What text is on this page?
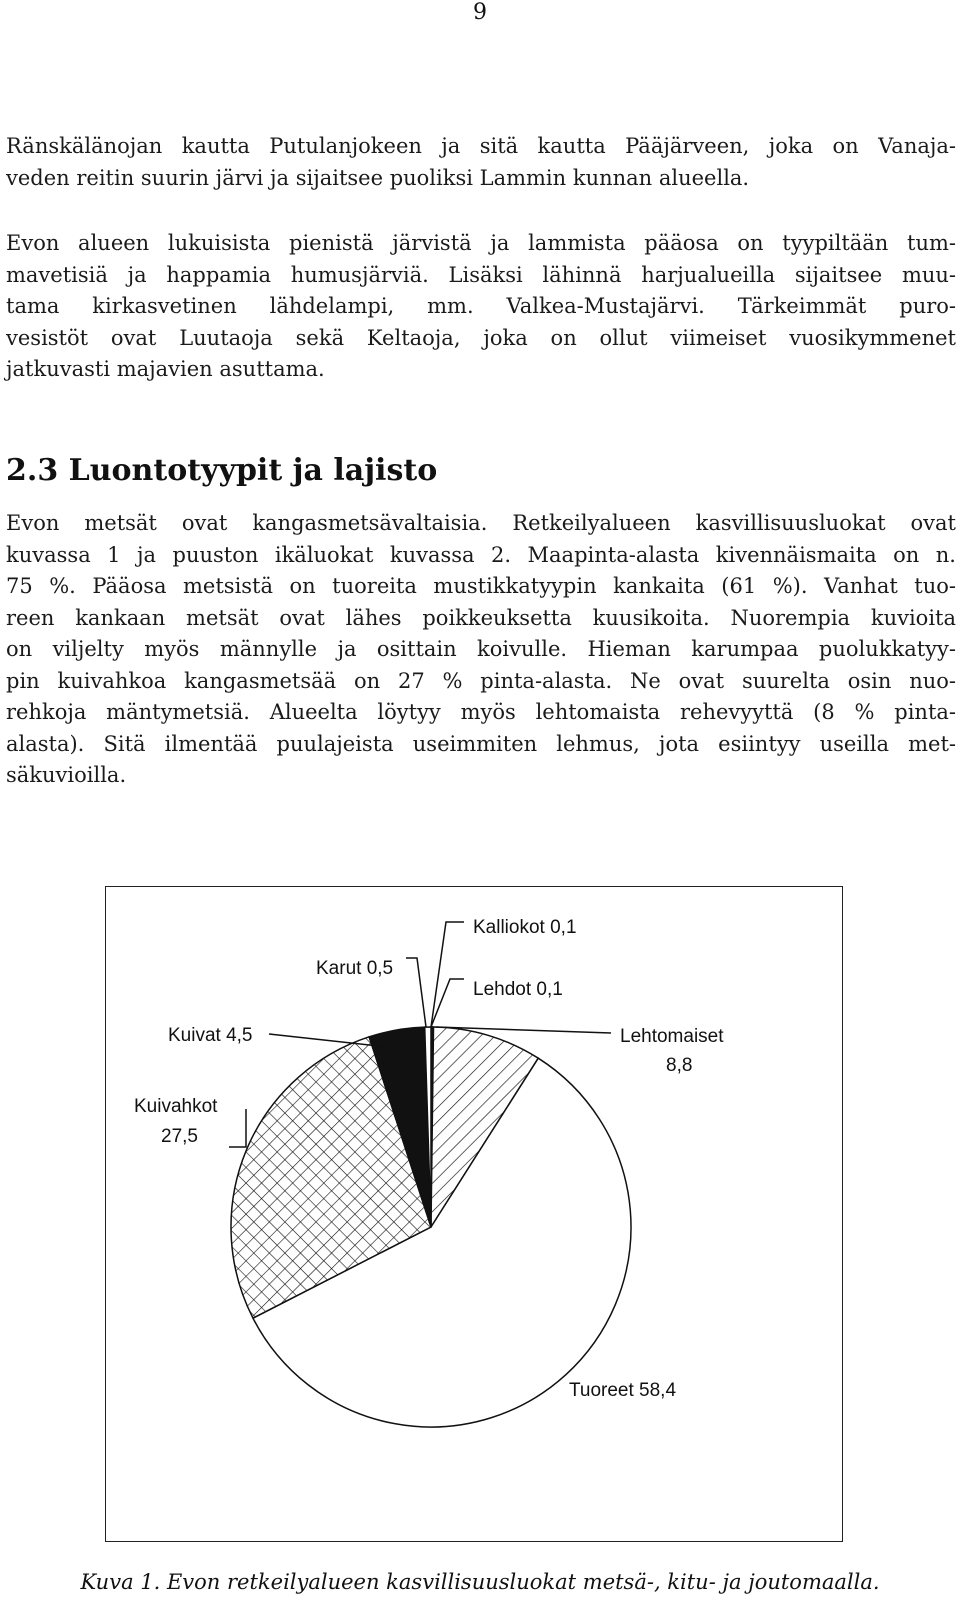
9
Ränskälänojan kautta Putulanjokeen ja sitä kautta Pääjärveen, joka on Vanaja-
veden reitin suurin järvi ja sijaitsee puoliksi Lammin kunnan alueella.
Evon alueen lukuisista pienistä järvistä ja lammista pääosa on tyypiltään tum-
mavetisiä ja happamia humusjärviä. Lisäksi lähinnä harjualueilla sijaitsee muu-
tama kirkasvetinen lähdelampi, mm. Valkea-Mustajärvi. Tärkeimmät puro-
vesistöt ovat Luutaoja sekä Keltaoja, joka on ollut viimeiset vuosikymmenet
jatkuvasti majavien asuttama.
2.3 Luontotyypit ja lajisto
Evon metsät ovat kangasmetsävaltaisia. Retkeilyalueen kasvillisuusluokat ovat
kuvassa 1 ja puuston ikäluokat kuvassa 2. Maapinta-alasta kivennäismaita on n.
75 %. Pääosa metsistä on tuoreita mustikkatyypin kankaita (61 %). Vanhat tuo-
reen kankaan metsät ovat lähes poikkeuksetta kuusikoita. Nuorempia kuvioita
on viljelty myös männylle ja osittain koivulle. Hieman karumpaa puolukkatyy-
pin kuivahkoa kangasmetsää on 27 % pinta-alasta. Ne ovat suurelta osin nuo-
rehkoja mäntymetsiä. Alueelta löytyy myös lehtomaista rehevyyttä (8 % pinta-
alasta). Sitä ilmentää puulajeista useimmiten lehmus, jota esiintyy useilla met-
säkuvioilla.
Kalliokot 0,1
Lehdot 0,1
Karut 0,5
Kuivat 4,5	Lehtomaiset
8,8
Kuivahkot
27,5
Tuoreet 58,4
Kuva 1. Evon retkeilyalueen kasvillisuusluokat metsä-, kitu- ja joutomaalla.
